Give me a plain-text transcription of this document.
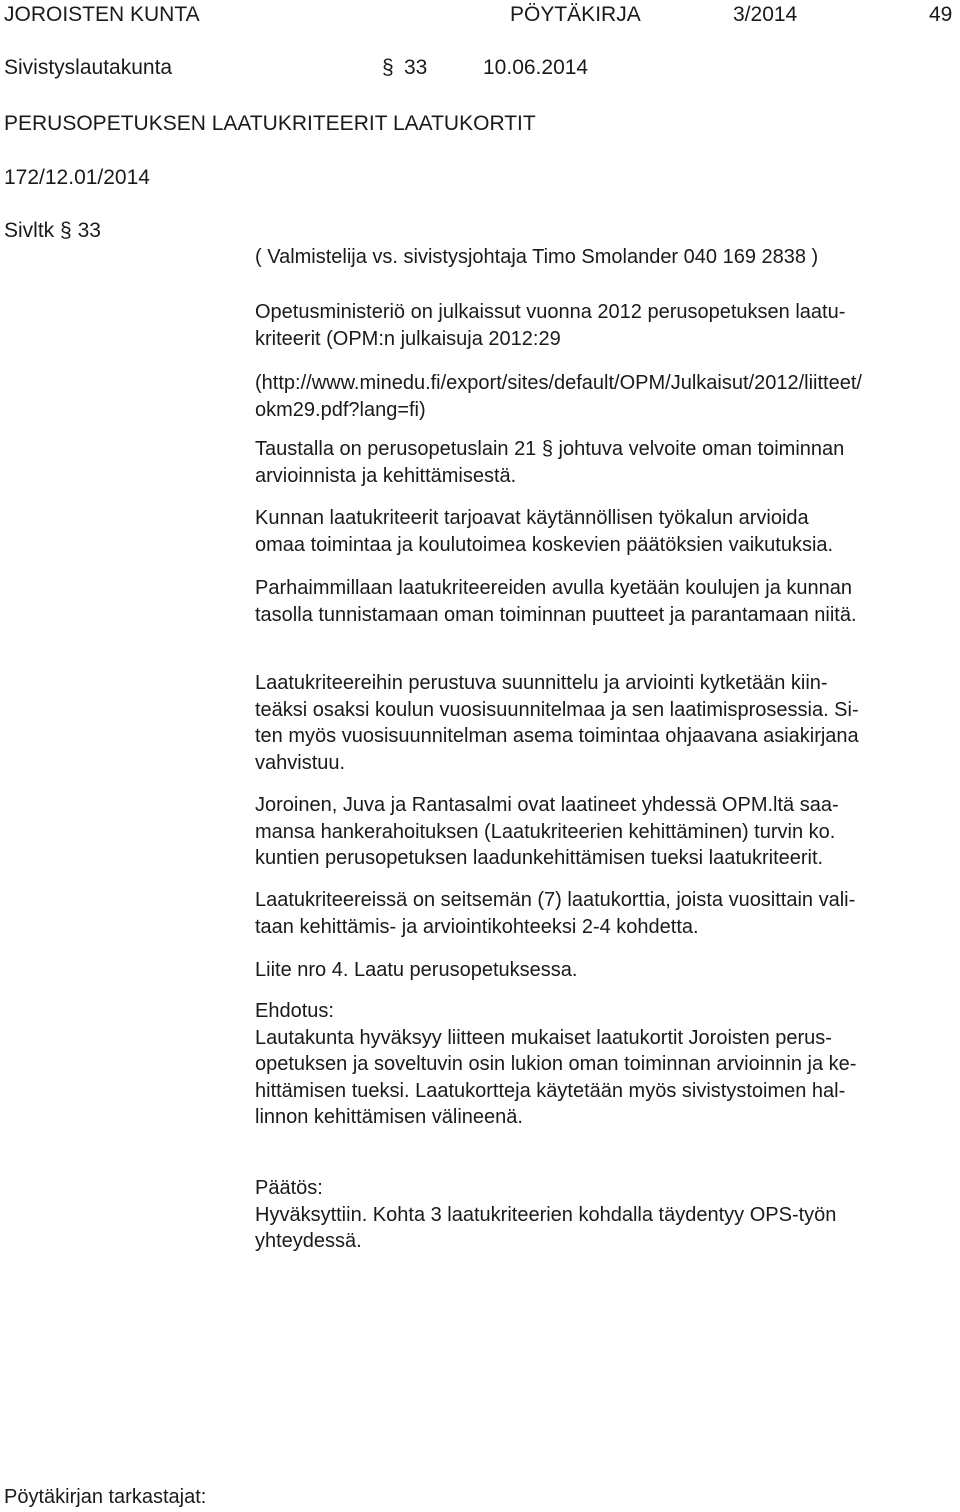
JOROISTEN KUNTA	PÖYTÄKIRJA	3/2014	49
Sivistyslautakunta	§ 33	10.06.2014
PERUSOPETUKSEN LAATUKRITEERIT LAATUKORTIT
172/12.01/2014
Sivltk § 33
( Valmistelija vs. sivistysjohtaja Timo Smolander 040 169 2838 )
Opetusministeriö on julkaissut vuonna 2012 perusopetuksen laatu-
kriteerit (OPM:n julkaisuja 2012:29
(http://www.minedu.fi/export/sites/default/OPM/Julkaisut/2012/liitteet/
okm29.pdf?lang=fi)
Taustalla on perusopetuslain 21 § johtuva velvoite oman toiminnan
arvioinnista ja kehittämisestä.
Kunnan laatukriteerit tarjoavat käytännöllisen työkalun arvioida
omaa toimintaa ja koulutoimea koskevien päätöksien vaikutuksia.
Parhaimmillaan laatukriteereiden avulla kyetään koulujen ja kunnan
tasolla tunnistamaan oman toiminnan puutteet ja parantamaan niitä.
Laatukriteereihin perustuva suunnittelu ja arviointi kytketään kiin-
teäksi osaksi koulun vuosisuunnitelmaa ja sen laatimisprosessia. Si-
ten myös vuosisuunnitelman asema toimintaa ohjaavana asiakirjana
vahvistuu.
Joroinen, Juva ja Rantasalmi ovat laatineet yhdessä OPM.ltä saa-
mansa hankerahoituksen (Laatukriteerien kehittäminen) turvin ko.
kuntien perusopetuksen laadunkehittämisen tueksi laatukriteerit.
Laatukriteereissä on seitsemän (7) laatukorttia, joista vuosittain vali-
taan kehittämis- ja arviointikohteeksi 2-4 kohdetta.
Liite nro 4. Laatu perusopetuksessa.
Ehdotus:
Lautakunta hyväksyy liitteen mukaiset laatukortit Joroisten perus-
opetuksen ja soveltuvin osin lukion oman toiminnan arvioinnin ja ke-
hittämisen tueksi. Laatukortteja käytetään myös sivistystoimen hal-
linnon kehittämisen välineenä.
Päätös:
Hyväksyttiin. Kohta 3 laatukriteerien kohdalla täydentyy OPS-työn
yhteydessä.
Pöytäkirjan tarkastajat:
